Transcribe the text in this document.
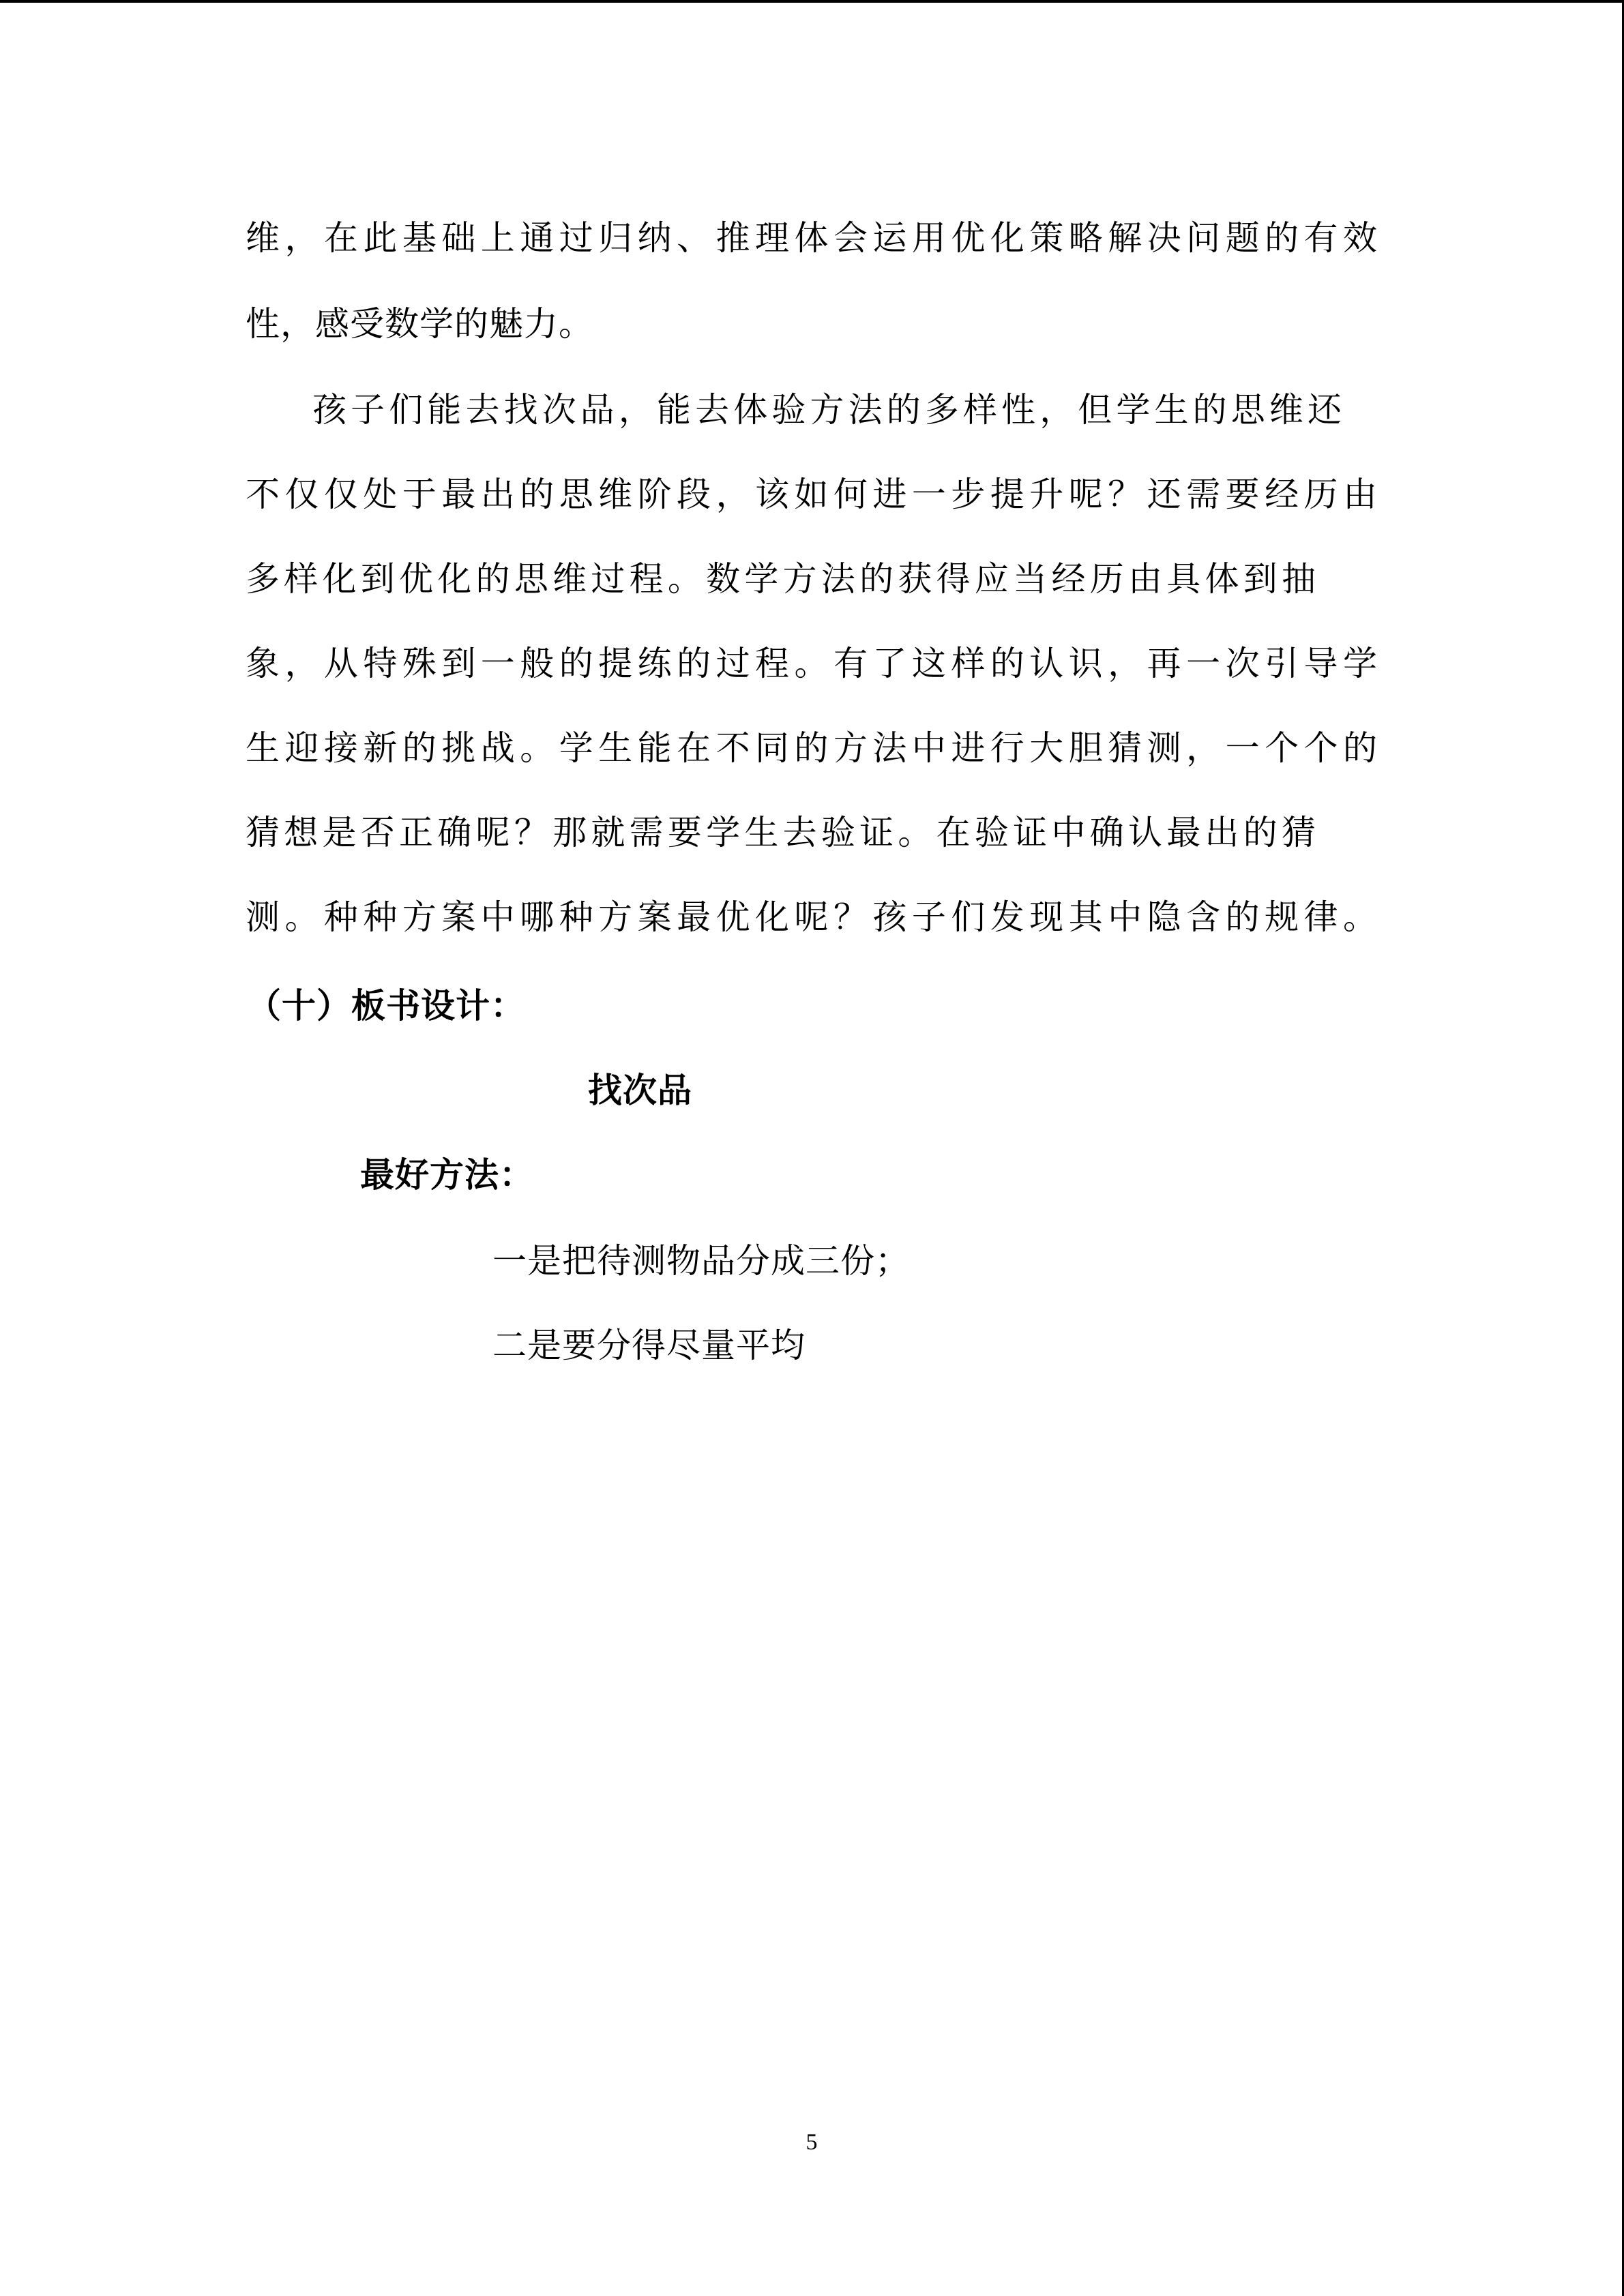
维，在此基础上通过归纳、推理体会运用优化策略解决问题的有效
性，感受数学的魅力。
孩子们能去找次品，能去体验方法的多样性，但学生的思维还
不仅仅处于最出的思维阶段，该如何进一步提升呢？还需要经历由
多样化到优化的思维过程。数学方法的获得应当经历由具体到抽
象，从特殊到一般的提练的过程。有了这样的认识，再一次引导学
生迎接新的挑战。学生能在不同的方法中进行大胆猜测，一个个的
猜想是否正确呢？那就需要学生去验证。在验证中确认最出的猜
测。种种方案中哪种方案最优化呢？孩子们发现其中隐含的规律。
（十）板书设计：
找次品
最好方法：
一是把待测物品分成三份；
二是要分得尽量平均
5
